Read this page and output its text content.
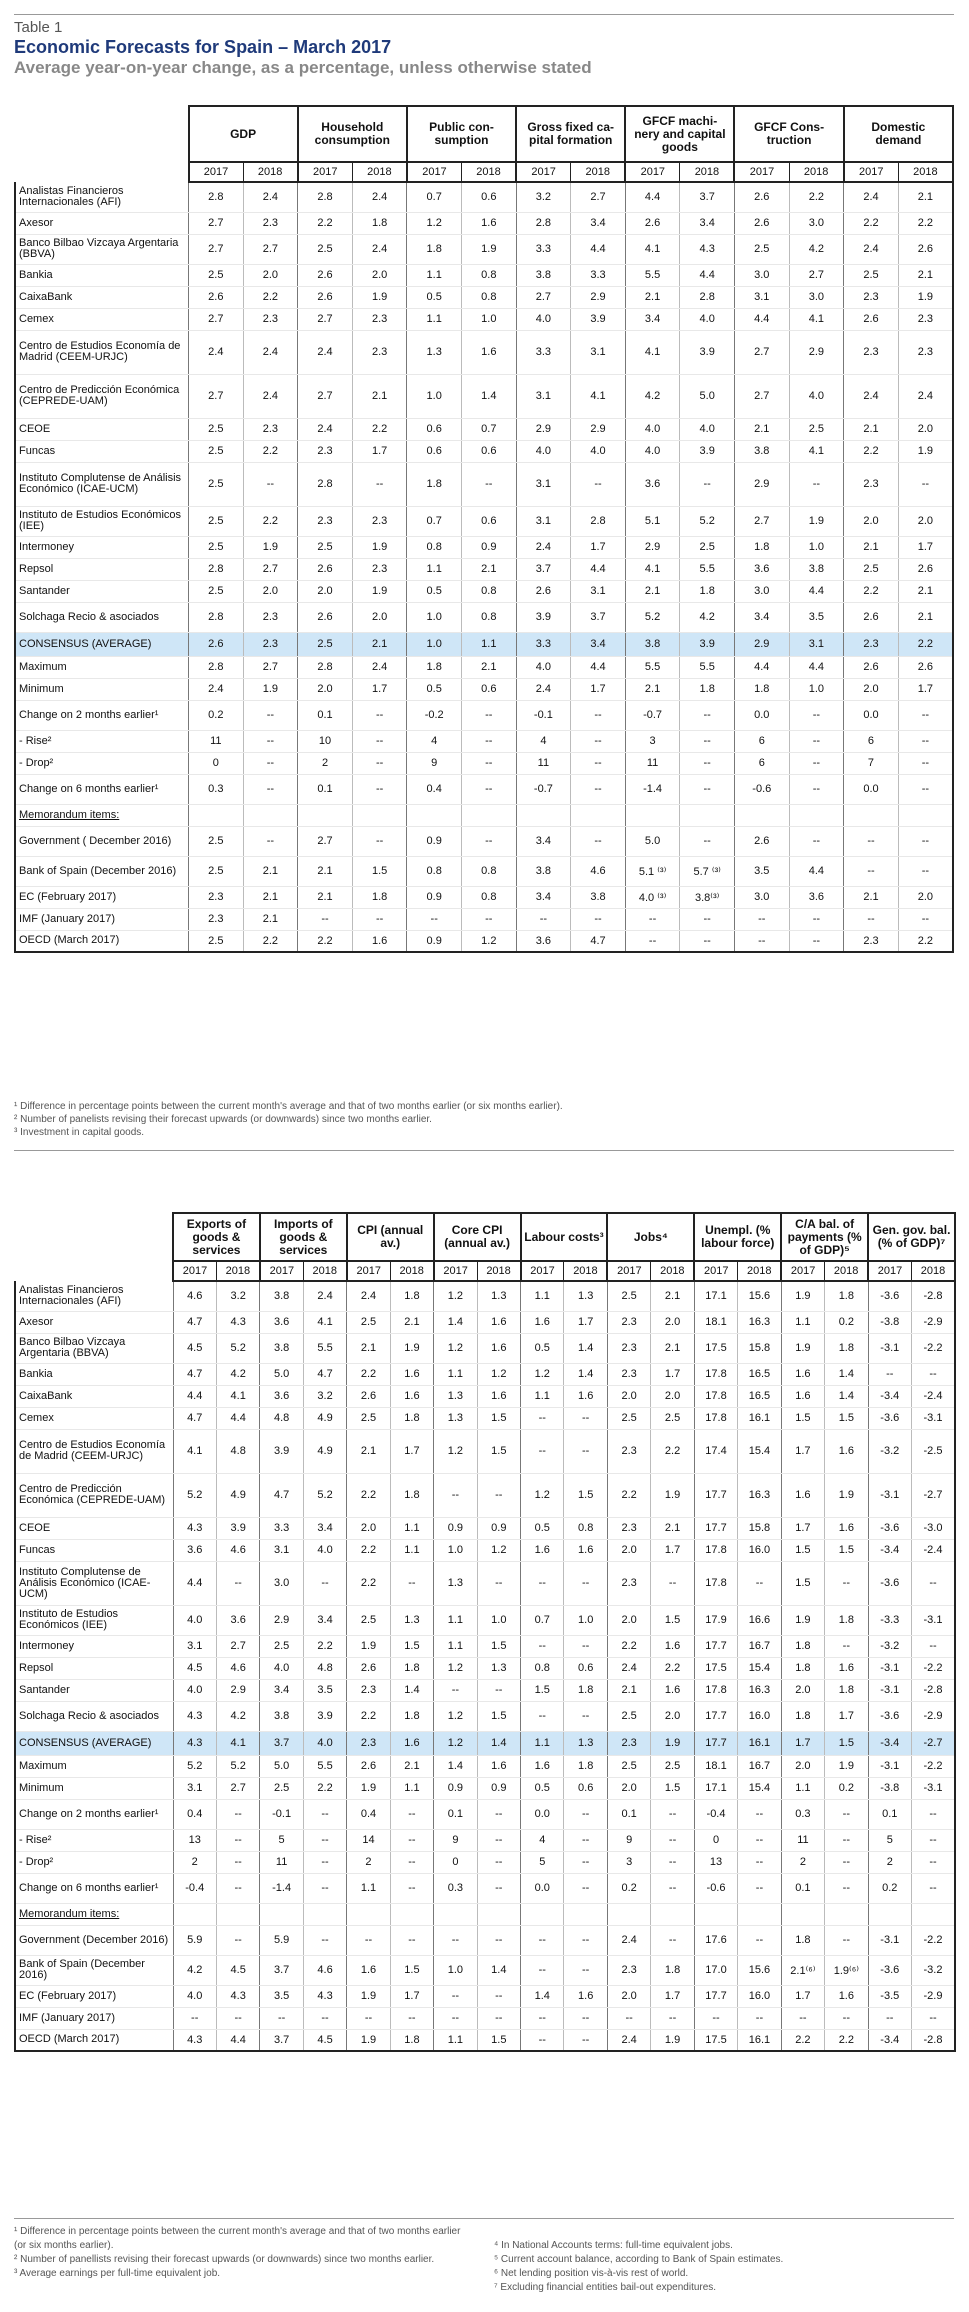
Table 1
Economic Forecasts for Spain – March 2017
Average year-on-year change, as a percentage, unless otherwise stated
	GDP		Household consumption		Public con- sumption		Gross fixed ca- pital formation		GFCF machi- nery and capital goods		GFCF Cons- truction		Domestic demand	
	2017	2018	2017	2018	2017	2018	2017	2018	2017	2018	2017	2018	2017	2018
Analistas Financieros Internacionales (AFI)	2.8	2.4	2.8	2.4	0.7	0.6	3.2	2.7	4.4	3.7	2.6	2.2	2.4	2.1
Axesor	2.7	2.3	2.2	1.8	1.2	1.6	2.8	3.4	2.6	3.4	2.6	3.0	2.2	2.2
Banco Bilbao Vizcaya Argentaria (BBVA)	2.7	2.7	2.5	2.4	1.8	1.9	3.3	4.4	4.1	4.3	2.5	4.2	2.4	2.6
Bankia	2.5	2.0	2.6	2.0	1.1	0.8	3.8	3.3	5.5	4.4	3.0	2.7	2.5	2.1
CaixaBank	2.6	2.2	2.6	1.9	0.5	0.8	2.7	2.9	2.1	2.8	3.1	3.0	2.3	1.9
Cemex	2.7	2.3	2.7	2.3	1.1	1.0	4.0	3.9	3.4	4.0	4.4	4.1	2.6	2.3
Centro de Estudios Economía de Madrid (CEEM-URJC)	2.4	2.4	2.4	2.3	1.3	1.6	3.3	3.1	4.1	3.9	2.7	2.9	2.3	2.3
Centro de Predicción Económica (CEPREDE-UAM)	2.7	2.4	2.7	2.1	1.0	1.4	3.1	4.1	4.2	5.0	2.7	4.0	2.4	2.4
CEOE	2.5	2.3	2.4	2.2	0.6	0.7	2.9	2.9	4.0	4.0	2.1	2.5	2.1	2.0
Funcas	2.5	2.2	2.3	1.7	0.6	0.6	4.0	4.0	4.0	3.9	3.8	4.1	2.2	1.9
Instituto Complutense de Análisis Económico (ICAE-UCM)	2.5	--	2.8	--	1.8	--	3.1	--	3.6	--	2.9	--	2.3	--
Instituto de Estudios Económicos (IEE)	2.5	2.2	2.3	2.3	0.7	0.6	3.1	2.8	5.1	5.2	2.7	1.9	2.0	2.0
Intermoney	2.5	1.9	2.5	1.9	0.8	0.9	2.4	1.7	2.9	2.5	1.8	1.0	2.1	1.7
Repsol	2.8	2.7	2.6	2.3	1.1	2.1	3.7	4.4	4.1	5.5	3.6	3.8	2.5	2.6
Santander	2.5	2.0	2.0	1.9	0.5	0.8	2.6	3.1	2.1	1.8	3.0	4.4	2.2	2.1
Solchaga Recio & asociados	2.8	2.3	2.6	2.0	1.0	0.8	3.9	3.7	5.2	4.2	3.4	3.5	2.6	2.1
CONSENSUS (AVERAGE)	2.6	2.3	2.5	2.1	1.0	1.1	3.3	3.4	3.8	3.9	2.9	3.1	2.3	2.2
Maximum	2.8	2.7	2.8	2.4	1.8	2.1	4.0	4.4	5.5	5.5	4.4	4.4	2.6	2.6
Minimum	2.4	1.9	2.0	1.7	0.5	0.6	2.4	1.7	2.1	1.8	1.8	1.0	2.0	1.7
Change on 2 months earlier¹	0.2	--	0.1	--	-0.2	--	-0.1	--	-0.7	--	0.0	--	0.0	--
- Rise²	11	--	10	--	4	--	4	--	3	--	6	--	6	--
- Drop²	0	--	2	--	9	--	11	--	11	--	6	--	7	--
Change on 6 months earlier¹	0.3	--	0.1	--	0.4	--	-0.7	--	-1.4	--	-0.6	--	0.0	--
Memorandum items:														
Government ( December 2016)	2.5	--	2.7	--	0.9	--	3.4	--	5.0	--	2.6	--	--	--
Bank of Spain (December 2016)	2.5	2.1	2.1	1.5	0.8	0.8	3.8	4.6	5.1 ⁽³⁾	5.7 ⁽³⁾	3.5	4.4	--	--
EC (February 2017)	2.3	2.1	2.1	1.8	0.9	0.8	3.4	3.8	4.0 ⁽³⁾	3.8⁽³⁾	3.0	3.6	2.1	2.0
IMF (January 2017)	2.3	2.1	--	--	--	--	--	--	--	--	--	--	--	--
OECD (March 2017)	2.5	2.2	2.2	1.6	0.9	1.2	3.6	4.7	--	--	--	--	2.3	2.2
¹ Difference in percentage points between the current month's average and that of two months earlier (or six months earlier).
² Number of panelists revising their forecast upwards (or downwards) since two months earlier.
³ Investment in capital goods.
	Exports of goods & services		Imports of goods & services		CPI (annual av.)		Core CPI (annual av.)		Labour costs³		Jobs⁴		Unempl. (% labour force)		C/A bal. of payments (% of GDP)⁵		Gen. gov. bal. (% of GDP)⁷	
	2017	2018	2017	2018	2017	2018	2017	2018	2017	2018	2017	2018	2017	2018	2017	2018	2017	2018
Analistas Financieros Internacionales (AFI)	4.6	3.2	3.8	2.4	2.4	1.8	1.2	1.3	1.1	1.3	2.5	2.1	17.1	15.6	1.9	1.8	-3.6	-2.8
Axesor	4.7	4.3	3.6	4.1	2.5	2.1	1.4	1.6	1.6	1.7	2.3	2.0	18.1	16.3	1.1	0.2	-3.8	-2.9
Banco Bilbao Vizcaya Argentaria (BBVA)	4.5	5.2	3.8	5.5	2.1	1.9	1.2	1.6	0.5	1.4	2.3	2.1	17.5	15.8	1.9	1.8	-3.1	-2.2
Bankia	4.7	4.2	5.0	4.7	2.2	1.6	1.1	1.2	1.2	1.4	2.3	1.7	17.8	16.5	1.6	1.4	--	--
CaixaBank	4.4	4.1	3.6	3.2	2.6	1.6	1.3	1.6	1.1	1.6	2.0	2.0	17.8	16.5	1.6	1.4	-3.4	-2.4
Cemex	4.7	4.4	4.8	4.9	2.5	1.8	1.3	1.5	--	--	2.5	2.5	17.8	16.1	1.5	1.5	-3.6	-3.1
Centro de Estudios Economía de Madrid (CEEM-URJC)	4.1	4.8	3.9	4.9	2.1	1.7	1.2	1.5	--	--	2.3	2.2	17.4	15.4	1.7	1.6	-3.2	-2.5
Centro de Predicción Económica (CEPREDE-UAM)	5.2	4.9	4.7	5.2	2.2	1.8	--	--	1.2	1.5	2.2	1.9	17.7	16.3	1.6	1.9	-3.1	-2.7
CEOE	4.3	3.9	3.3	3.4	2.0	1.1	0.9	0.9	0.5	0.8	2.3	2.1	17.7	15.8	1.7	1.6	-3.6	-3.0
Funcas	3.6	4.6	3.1	4.0	2.2	1.1	1.0	1.2	1.6	1.6	2.0	1.7	17.8	16.0	1.5	1.5	-3.4	-2.4
Instituto Complutense de Análisis Económico (ICAE-UCM)	4.4	--	3.0	--	2.2	--	1.3	--	--	--	2.3	--	17.8	--	1.5	--	-3.6	--
Instituto de Estudios Económicos (IEE)	4.0	3.6	2.9	3.4	2.5	1.3	1.1	1.0	0.7	1.0	2.0	1.5	17.9	16.6	1.9	1.8	-3.3	-3.1
Intermoney	3.1	2.7	2.5	2.2	1.9	1.5	1.1	1.5	--	--	2.2	1.6	17.7	16.7	1.8	--	-3.2	--
Repsol	4.5	4.6	4.0	4.8	2.6	1.8	1.2	1.3	0.8	0.6	2.4	2.2	17.5	15.4	1.8	1.6	-3.1	-2.2
Santander	4.0	2.9	3.4	3.5	2.3	1.4	--	--	1.5	1.8	2.1	1.6	17.8	16.3	2.0	1.8	-3.1	-2.8
Solchaga Recio & asociados	4.3	4.2	3.8	3.9	2.2	1.8	1.2	1.5	--	--	2.5	2.0	17.7	16.0	1.8	1.7	-3.6	-2.9
CONSENSUS (AVERAGE)	4.3	4.1	3.7	4.0	2.3	1.6	1.2	1.4	1.1	1.3	2.3	1.9	17.7	16.1	1.7	1.5	-3.4	-2.7
Maximum	5.2	5.2	5.0	5.5	2.6	2.1	1.4	1.6	1.6	1.8	2.5	2.5	18.1	16.7	2.0	1.9	-3.1	-2.2
Minimum	3.1	2.7	2.5	2.2	1.9	1.1	0.9	0.9	0.5	0.6	2.0	1.5	17.1	15.4	1.1	0.2	-3.8	-3.1
Change on 2 months earlier¹	0.4	--	-0.1	--	0.4	--	0.1	--	0.0	--	0.1	--	-0.4	--	0.3	--	0.1	--
- Rise²	13	--	5	--	14	--	9	--	4	--	9	--	0	--	11	--	5	--
- Drop²	2	--	11	--	2	--	0	--	5	--	3	--	13	--	2	--	2	--
Change on 6 months earlier¹	-0.4	--	-1.4	--	1.1	--	0.3	--	0.0	--	0.2	--	-0.6	--	0.1	--	0.2	--
Memorandum items:																		
Government (December 2016)	5.9	--	5.9	--	--	--	--	--	--	--	2.4	--	17.6	--	1.8	--	-3.1	-2.2
Bank of Spain (December 2016)	4.2	4.5	3.7	4.6	1.6	1.5	1.0	1.4	--	--	2.3	1.8	17.0	15.6	2.1⁽⁶⁾	1.9⁽⁶⁾	-3.6	-3.2
EC (February 2017)	4.0	4.3	3.5	4.3	1.9	1.7	--	--	1.4	1.6	2.0	1.7	17.7	16.0	1.7	1.6	-3.5	-2.9
IMF (January 2017)	--	--	--	--	--	--	--	--	--	--	--	--	--	--	--	--	--	--
OECD (March 2017)	4.3	4.4	3.7	4.5	1.9	1.8	1.1	1.5	--	--	2.4	1.9	17.5	16.1	2.2	2.2	-3.4	-2.8
¹ Difference in percentage points between the current month's average and that of two months earlier (or six months earlier).
² Number of panellists revising their forecast upwards (or downwards) since two months earlier.
³ Average earnings per full-time equivalent job.
⁴ In National Accounts terms: full-time equivalent jobs.
⁵ Current account balance, according to Bank of Spain estimates.
⁶ Net lending position vis-à-vis rest of world.
⁷ Excluding financial entities bail-out expenditures.
